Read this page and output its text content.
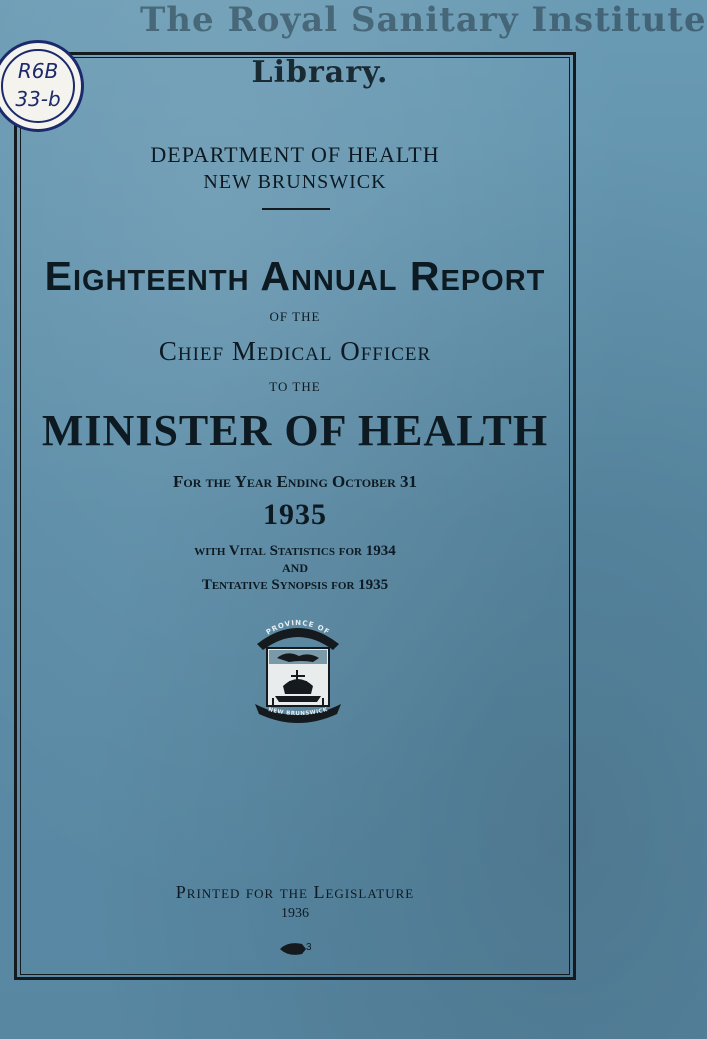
The Royal Sanitary Institute
Library.
R6B
33-b
DEPARTMENT OF HEALTH
NEW BRUNSWICK
Eighteenth Annual Report
OF THE
Chief Medical Officer
TO THE
MINISTER OF HEALTH
For the Year Ending October 31
1935
with Vital Statistics for 1934
AND
Tentative Synopsis for 1935
PROVINCE OF
NEW BRUNSWICK
Printed for the Legislature
1936
3
